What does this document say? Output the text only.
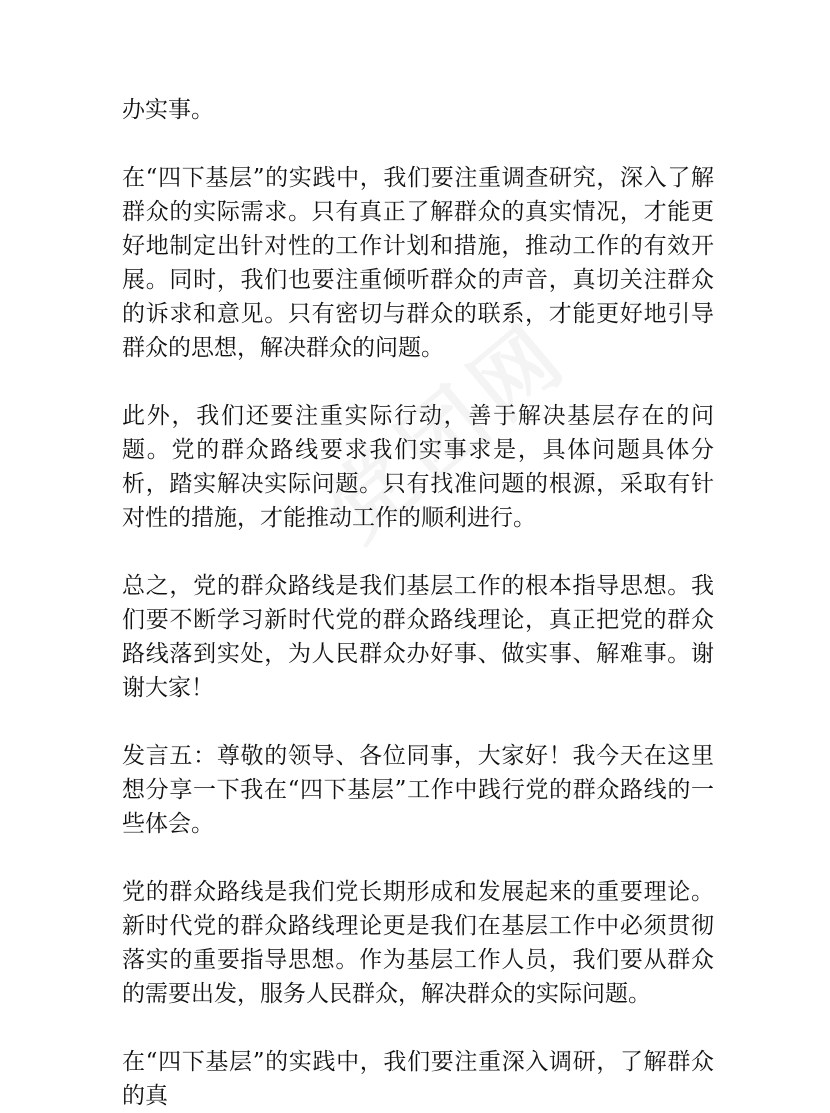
办实事。

在“四下基层”的实践中，我们要注重调查研究，深入了解群众的实际需求。只有真正了解群众的真实情况，才能更好地制定出针对性的工作计划和措施，推动工作的有效开展。同时，我们也要注重倾听群众的声音，真切关注群众的诉求和意见。只有密切与群众的联系，才能更好地引导群众的思想，解决群众的问题。

此外，我们还要注重实际行动，善于解决基层存在的问题。党的群众路线要求我们实事求是，具体问题具体分析，踏实解决实际问题。只有找准问题的根源，采取有针对性的措施，才能推动工作的顺利进行。

总之，党的群众路线是我们基层工作的根本指导思想。我们要不断学习新时代党的群众路线理论，真正把党的群众路线落到实处，为人民群众办好事、做实事、解难事。谢谢大家！

发言五：尊敬的领导、各位同事，大家好！我今天在这里想分享一下我在“四下基层”工作中践行党的群众路线的一些体会。

党的群众路线是我们党长期形成和发展起来的重要理论。新时代党的群众路线理论更是我们在基层工作中必须贯彻落实的重要指导思想。作为基层工作人员，我们要从群众的需要出发，服务人民群众，解决群众的实际问题。

在“四下基层”的实践中，我们要注重深入调研，了解群众的真
